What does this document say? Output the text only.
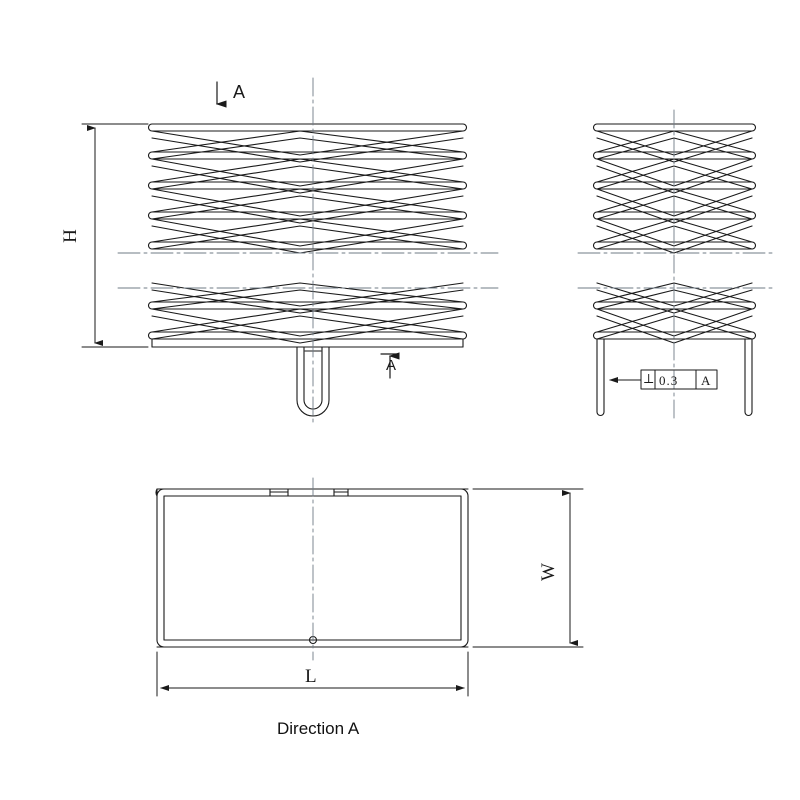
H
W
L
A
A
Direction A
0.3 A
⟂
